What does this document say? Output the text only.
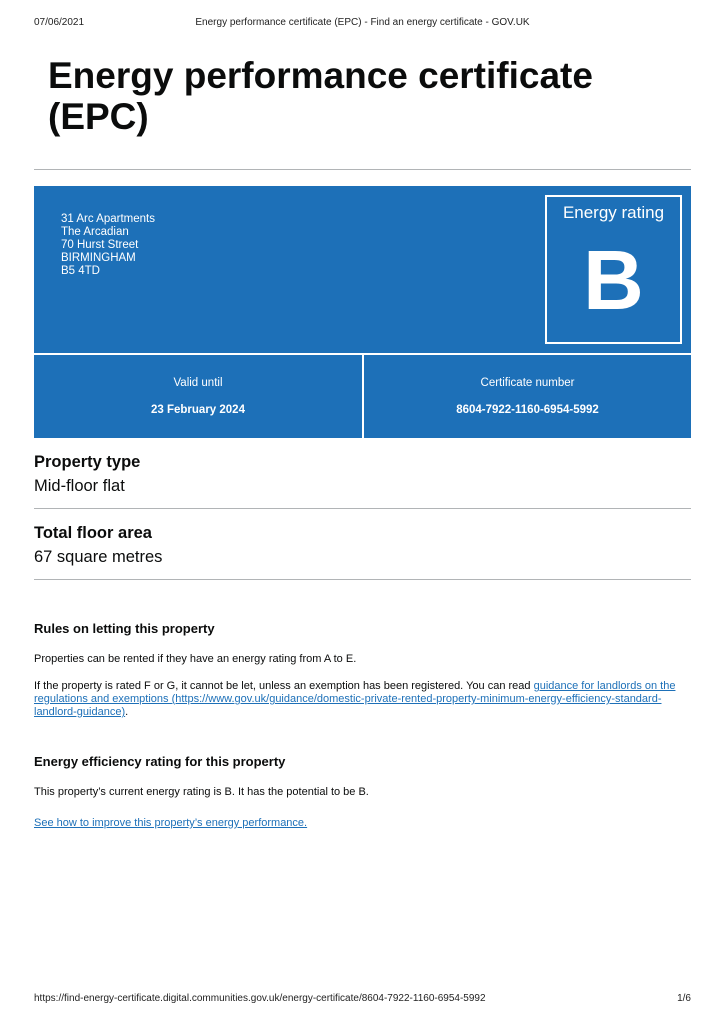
07/06/2021	Energy performance certificate (EPC) - Find an energy certificate - GOV.UK
Energy performance certificate (EPC)
31 Arc Apartments
The Arcadian
70 Hurst Street
BIRMINGHAM
B5 4TD
Energy rating
B
Valid until
23 February 2024
Certificate number
8604-7922-1160-6954-5992
Property type
Mid-floor flat
Total floor area
67 square metres
Rules on letting this property

Properties can be rented if they have an energy rating from A to E.

If the property is rated F or G, it cannot be let, unless an exemption has been registered. You can read guidance for landlords on the regulations and exemptions (https://www.gov.uk/guidance/domestic-private-rented-property-minimum-energy-efficiency-standard-landlord-guidance).

Energy efficiency rating for this property

This property’s current energy rating is B. It has the potential to be B.

See how to improve this property’s energy performance.

https://find-energy-certificate.digital.communities.gov.uk/energy-certificate/8604-7922-1160-6954-5992	1/6
